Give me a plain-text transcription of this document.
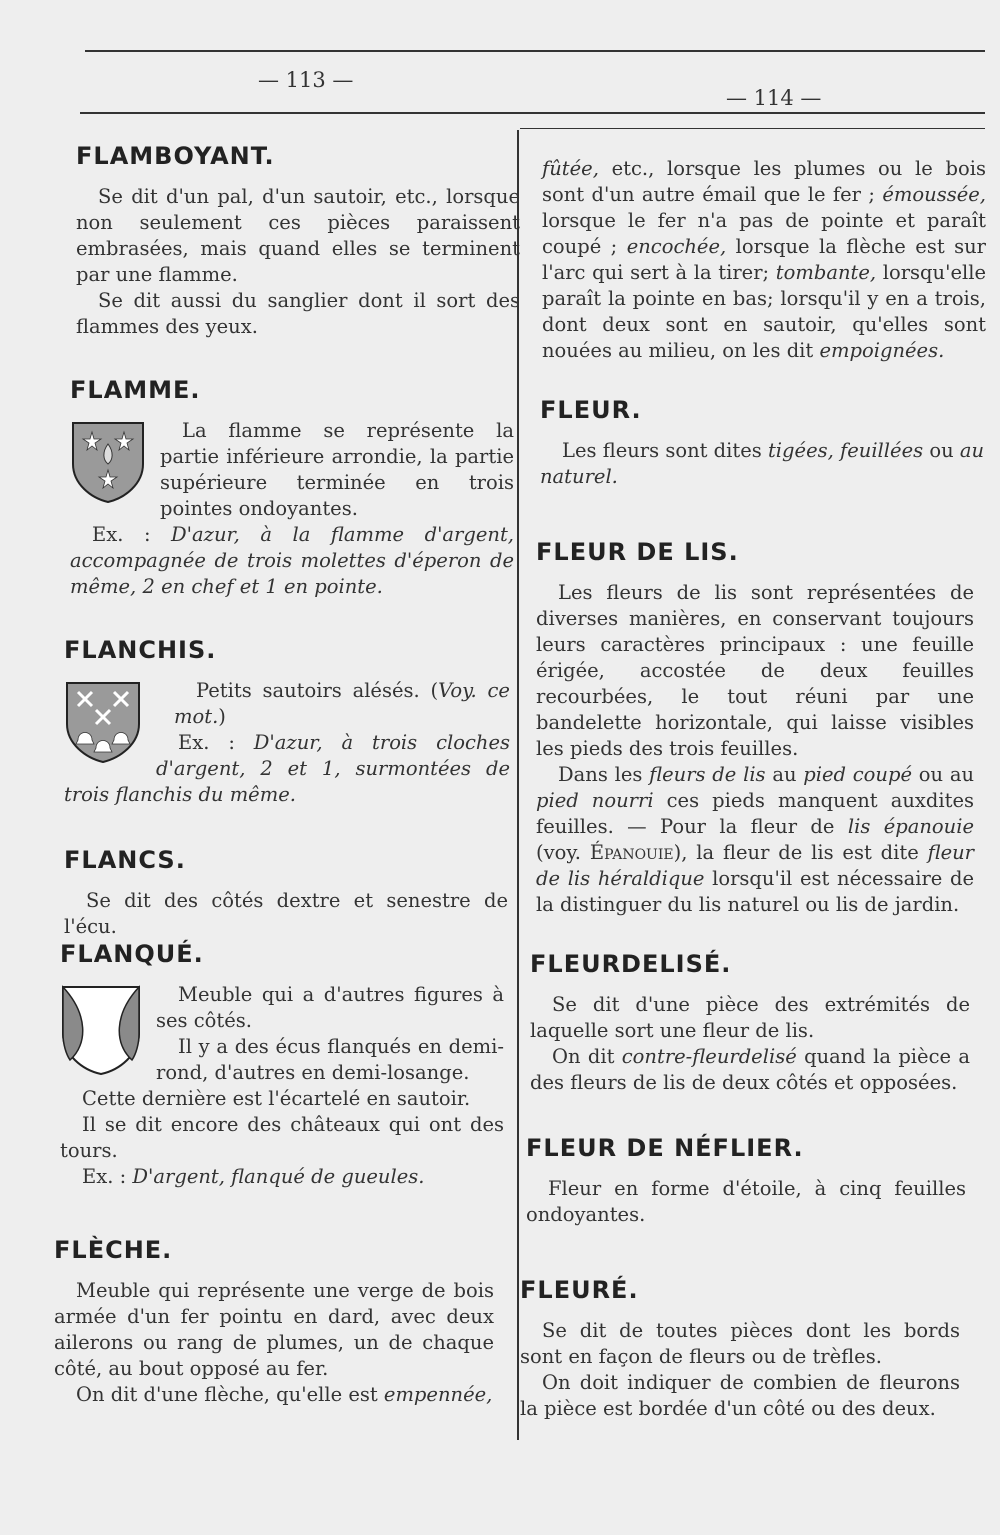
— 113 —
— 114 —
FLAMBOYANT.

Se dit d'un pal, d'un sautoir, etc., lorsque non seulement ces pièces paraissent embrasées, mais quand elles se terminent par une flamme.

Se dit aussi du sanglier dont il sort des flammes des yeux.

FLAMME.

La flamme se représente la partie inférieure arrondie, la partie supérieure terminée en trois pointes ondoyantes.

Ex. : D'azur, à la flamme d'argent, accompagnée de trois molettes d'éperon de même, 2 en chef et 1 en pointe.

FLANCHIS.

Petits sautoirs alésés. (Voy. ce mot.)

Ex. : D'azur, à trois cloches d'argent, 2 et 1, surmontées de trois flanchis du même.

FLANCS.

Se dit des côtés dextre et senestre de l'écu.

FLANQUÉ.

Meuble qui a d'autres figures à ses côtés.

Il y a des écus flanqués en demi-rond, d'autres en demi-losange.

Cette dernière est l'écartelé en sautoir.

Il se dit encore des châteaux qui ont des tours.

Ex. : D'argent, flanqué de gueules.

FLÈCHE.

Meuble qui représente une verge de bois armée d'un fer pointu en dard, avec deux ailerons ou rang de plumes, un de chaque côté, au bout opposé au fer.

On dit d'une flèche, qu'elle est empennée,

fûtée, etc., lorsque les plumes ou le bois sont d'un autre émail que le fer ; émoussée, lorsque le fer n'a pas de pointe et paraît coupé ; encochée, lorsque la flèche est sur l'arc qui sert à la tirer; tombante, lorsqu'elle paraît la pointe en bas; lorsqu'il y en a trois, dont deux sont en sautoir, qu'elles sont nouées au milieu, on les dit empoignées.

FLEUR.

Les fleurs sont dites tigées, feuillées ou au naturel.

FLEUR DE LIS.

Les fleurs de lis sont représentées de diverses manières, en conservant toujours leurs caractères principaux : une feuille érigée, accostée de deux feuilles recourbées, le tout réuni par une bandelette horizontale, qui laisse visibles les pieds des trois feuilles.

Dans les fleurs de lis au pied coupé ou au pied nourri ces pieds manquent auxdites feuilles. — Pour la fleur de lis épanouie (voy. Épanouie), la fleur de lis est dite fleur de lis héraldique lorsqu'il est nécessaire de la distinguer du lis naturel ou lis de jardin.

FLEURDELISÉ.

Se dit d'une pièce des extrémités de laquelle sort une fleur de lis.

On dit contre-fleurdelisé quand la pièce a des fleurs de lis de deux côtés et opposées.

FLEUR DE NÉFLIER.

Fleur en forme d'étoile, à cinq feuilles ondoyantes.

FLEURÉ.

Se dit de toutes pièces dont les bords sont en façon de fleurs ou de trèfles.

On doit indiquer de combien de fleurons la pièce est bordée d'un côté ou des deux.
